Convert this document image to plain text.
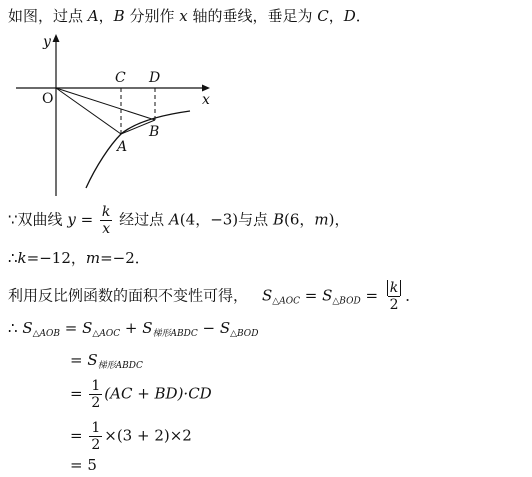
如图，过点 A，B 分别作 x 轴的垂线，垂足为 C，D．
y
x
O
C D
A
B
∵双曲线 $y = \frac{k}{x}$ 经过点 A(4，−3)与点 B(6，m)，
∴k=−12，m=−2．
利用反比例函数的面积不变性可得， $S_{\triangle AOC} = S_{\triangle BOD} = \frac{k}{2}$ ．
∴ $S_{\triangle AOB} = S_{\triangle AOC} + S_{梯形ABDC} - S_{\triangle BOD}$
= $S_{梯形ABDC}$
= $\frac{1}{2} (AC + BD)\cdot CD$
= $\frac{1}{2} \times(3 + 2)\times 2$
= 5
